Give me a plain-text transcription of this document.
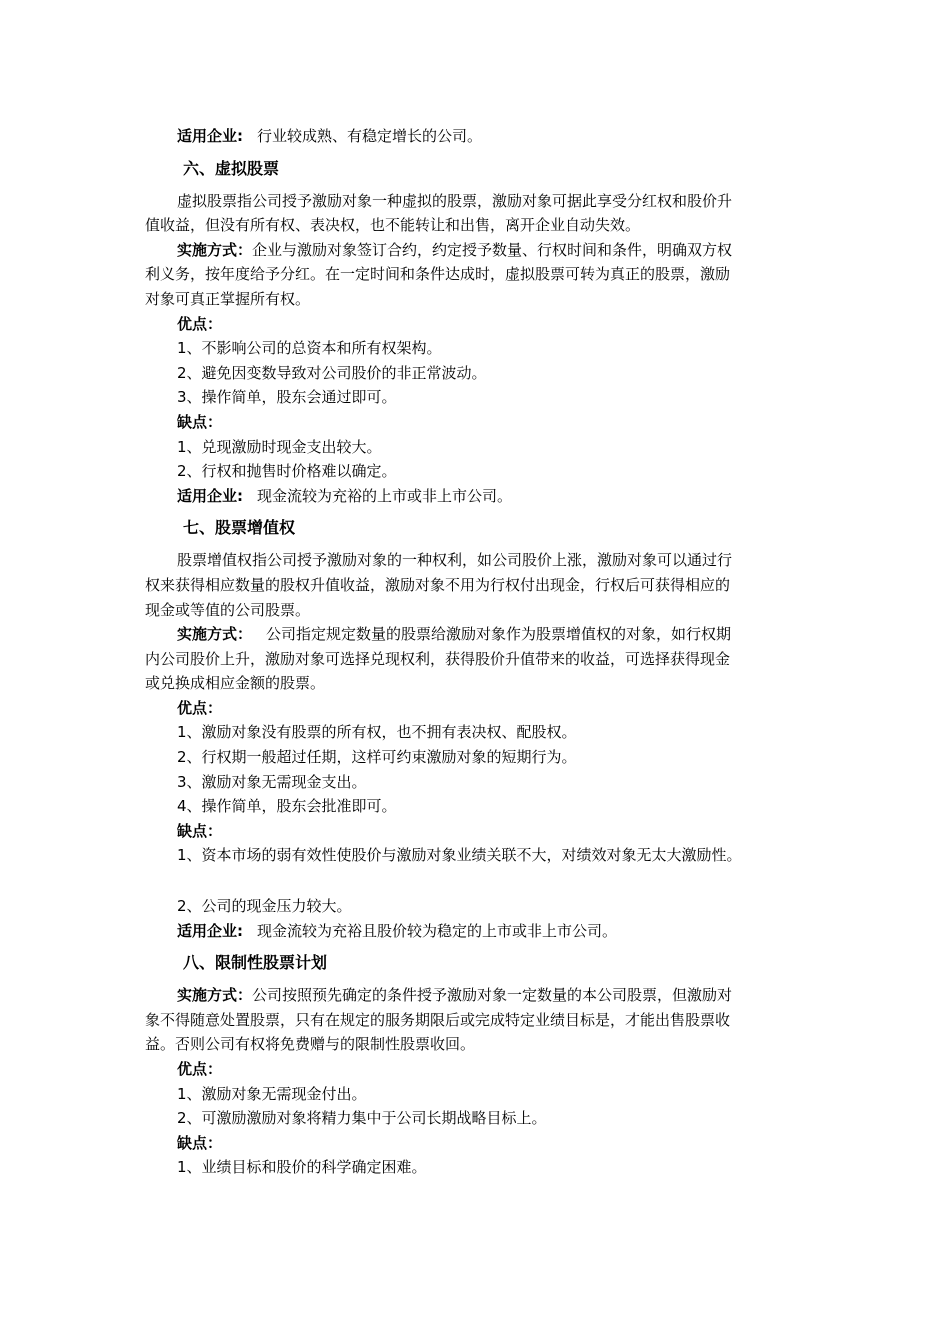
适用企业: 行业较成熟、有稳定增长的公司。
六、虚拟股票
虚拟股票指公司授予激励对象一种虚拟的股票，激励对象可据此享受分红权和股价升
值收益，但没有所有权、表决权，也不能转让和出售，离开企业自动失效。
实施方式：企业与激励对象签订合约，约定授予数量、行权时间和条件，明确双方权
利义务，按年度给予分红。在一定时间和条件达成时，虚拟股票可转为真正的股票，激励
对象可真正掌握所有权。
优点：
1、不影响公司的总资本和所有权架构。
2、避免因变数导致对公司股价的非正常波动。
3、操作简单，股东会通过即可。
缺点：
1、兑现激励时现金支出较大。
2、行权和抛售时价格难以确定。
适用企业: 现金流较为充裕的上市或非上市公司。
七、股票增值权
股票增值权指公司授予激励对象的一种权利，如公司股价上涨，激励对象可以通过行
权来获得相应数量的股权升值收益，激励对象不用为行权付出现金，行权后可获得相应的
现金或等值的公司股票。
实施方式： 公司指定规定数量的股票给激励对象作为股票增值权的对象，如行权期
内公司股价上升，激励对象可选择兑现权利，获得股价升值带来的收益，可选择获得现金
或兑换成相应金额的股票。
优点：
1、激励对象没有股票的所有权，也不拥有表决权、配股权。
2、行权期一般超过任期，这样可约束激励对象的短期行为。
3、激励对象无需现金支出。
4、操作简单，股东会批准即可。
缺点：
1、资本市场的弱有效性使股价与激励对象业绩关联不大，对绩效对象无太大激励性。
2、公司的现金压力较大。
适用企业: 现金流较为充裕且股价较为稳定的上市或非上市公司。
八、限制性股票计划
实施方式：公司按照预先确定的条件授予激励对象一定数量的本公司股票，但激励对
象不得随意处置股票，只有在规定的服务期限后或完成特定业绩目标是，才能出售股票收
益。否则公司有权将免费赠与的限制性股票收回。
优点：
1、激励对象无需现金付出。
2、可激励激励对象将精力集中于公司长期战略目标上。
缺点：
1、业绩目标和股价的科学确定困难。
